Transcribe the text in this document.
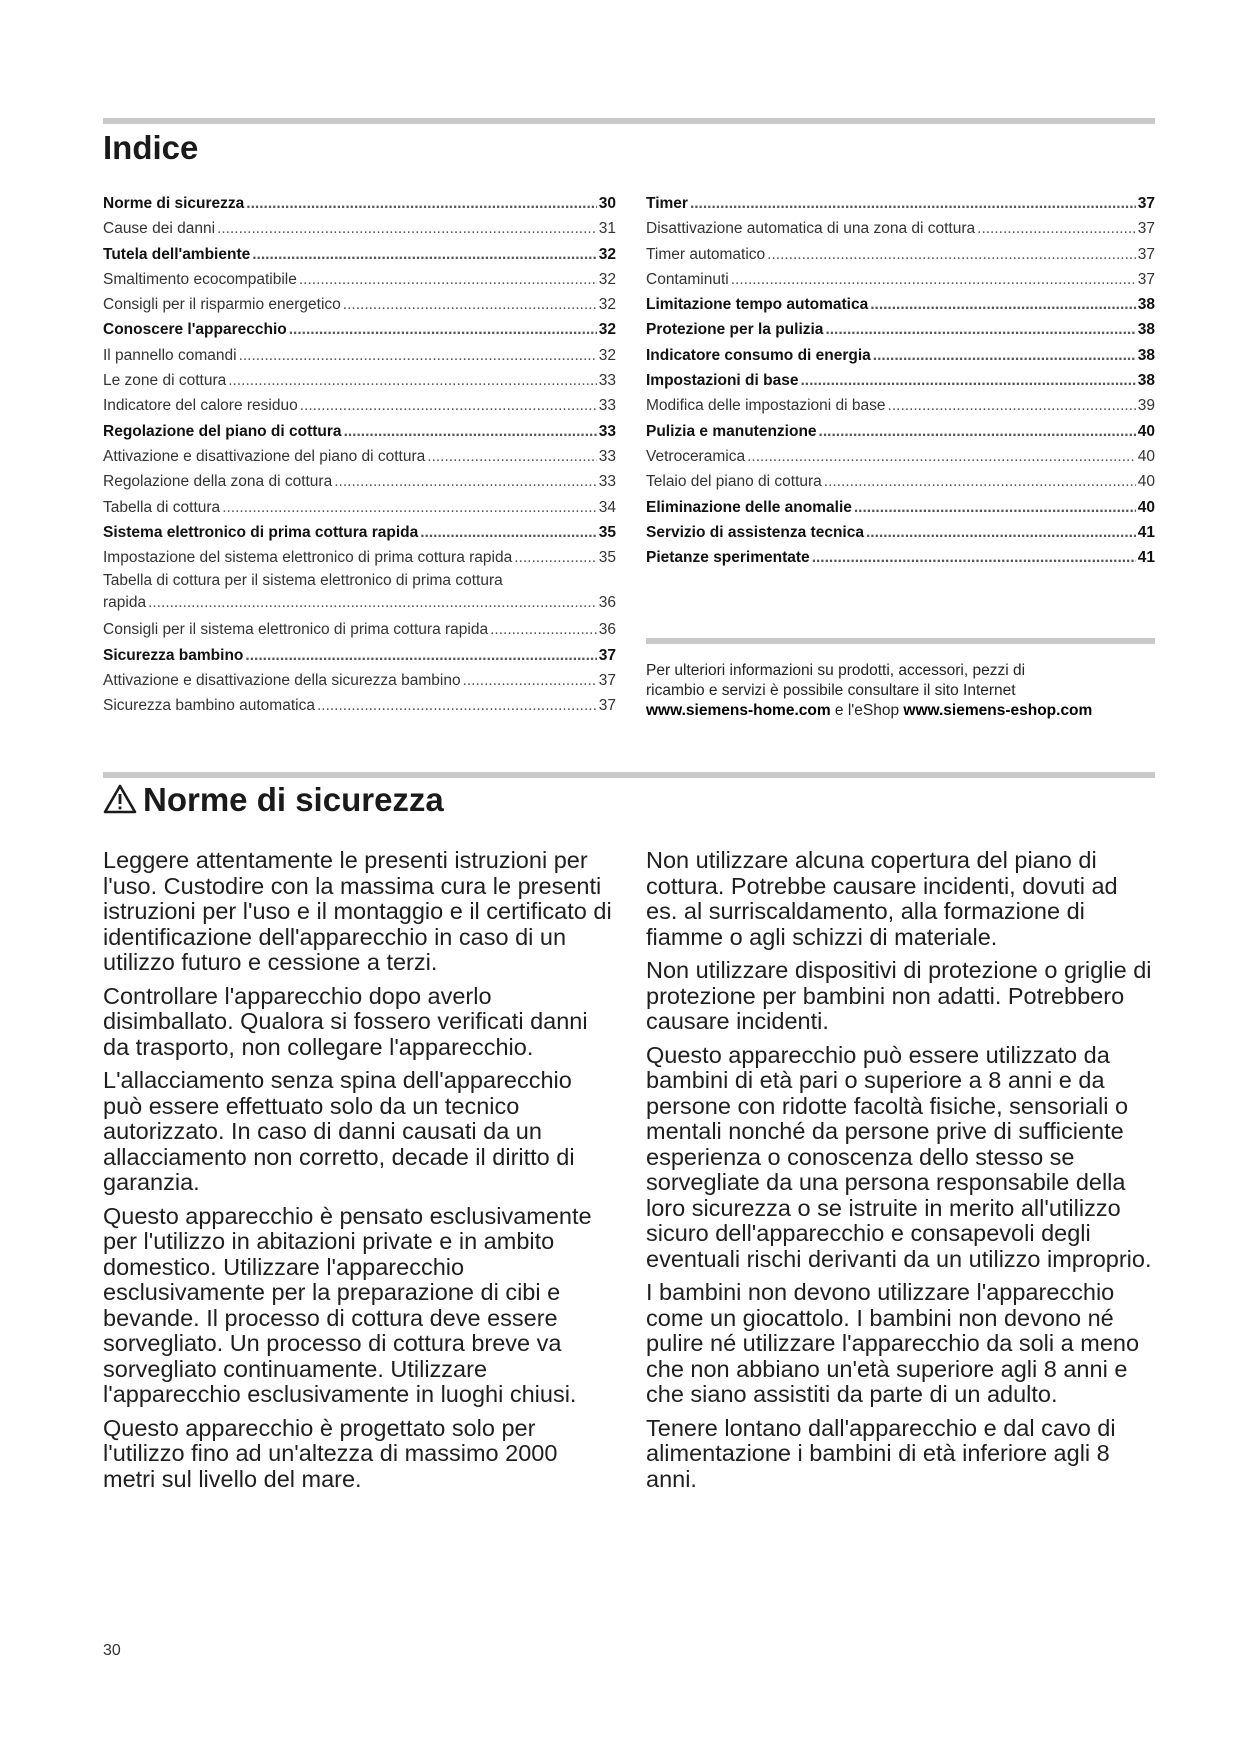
Indice
Norme di sicurezza .....	30
Cause dei danni .....	31
Tutela dell'ambiente .....	32
Smaltimento ecocompatibile .....	32
Consigli per il risparmio energetico .....	32
Conoscere l'apparecchio .....	32
Il pannello comandi .....	32
Le zone di cottura .....	33
Indicatore del calore residuo .....	33
Regolazione del piano di cottura .....	33
Attivazione e disattivazione del piano di cottura .....	33
Regolazione della zona di cottura .....	33
Tabella di cottura .....	34
Sistema elettronico di prima cottura rapida .....	35
Impostazione del sistema elettronico di prima cottura rapida .....	35
Tabella di cottura per il sistema elettronico di prima cottura
rapida .....	36
Consigli per il sistema elettronico di prima cottura rapida .....	36
Sicurezza bambino .....	37
Attivazione e disattivazione della sicurezza bambino .....	37
Sicurezza bambino automatica .....	37
Timer .....	37
Disattivazione automatica di una zona di cottura .....	37
Timer automatico .....	37
Contaminuti .....	37
Limitazione tempo automatica .....	38
Protezione per la pulizia .....	38
Indicatore consumo di energia .....	38
Impostazioni di base .....	38
Modifica delle impostazioni di base .....	39
Pulizia e manutenzione .....	40
Vetroceramica .....	40
Telaio del piano di cottura .....	40
Eliminazione delle anomalie .....	40
Servizio di assistenza tecnica .....	41
Pietanze sperimentate .....	41
Per ulteriori informazioni su prodotti, accessori, pezzi di
ricambio e servizi è possibile consultare il sito Internet
www.siemens-home.com e l'eShop www.siemens-eshop.com
Norme di sicurezza

Leggere attentamente le presenti istruzioni per l'uso. Custodire con la massima cura le presenti istruzioni per l'uso e il montaggio e il certificato di identificazione dell'apparecchio in caso di un utilizzo futuro e cessione a terzi.

Controllare l'apparecchio dopo averlo disimballato. Qualora si fossero verificati danni da trasporto, non collegare l'apparecchio.

L'allacciamento senza spina dell'apparecchio può essere effettuato solo da un tecnico autorizzato. In caso di danni causati da un allacciamento non corretto, decade il diritto di garanzia.

Questo apparecchio è pensato esclusivamente per l'utilizzo in abitazioni private e in ambito domestico. Utilizzare l'apparecchio esclusivamente per la preparazione di cibi e bevande. Il processo di cottura deve essere sorvegliato. Un processo di cottura breve va sorvegliato continuamente. Utilizzare l'apparecchio esclusivamente in luoghi chiusi.

Questo apparecchio è progettato solo per l'utilizzo fino ad un'altezza di massimo 2000 metri sul livello del mare.

Non utilizzare alcuna copertura del piano di cottura. Potrebbe causare incidenti, dovuti ad es. al surriscaldamento, alla formazione di fiamme o agli schizzi di materiale.

Non utilizzare dispositivi di protezione o griglie di protezione per bambini non adatti. Potrebbero causare incidenti.

Questo apparecchio può essere utilizzato da bambini di età pari o superiore a 8 anni e da persone con ridotte facoltà fisiche, sensoriali o mentali nonché da persone prive di sufficiente esperienza o conoscenza dello stesso se sorvegliate da una persona responsabile della loro sicurezza o se istruite in merito all'utilizzo sicuro dell'apparecchio e consapevoli degli eventuali rischi derivanti da un utilizzo improprio.

I bambini non devono utilizzare l'apparecchio come un giocattolo. I bambini non devono né pulire né utilizzare l'apparecchio da soli a meno che non abbiano un'età superiore agli 8 anni e che siano assistiti da parte di un adulto.

Tenere lontano dall'apparecchio e dal cavo di alimentazione i bambini di età inferiore agli 8 anni.

30
